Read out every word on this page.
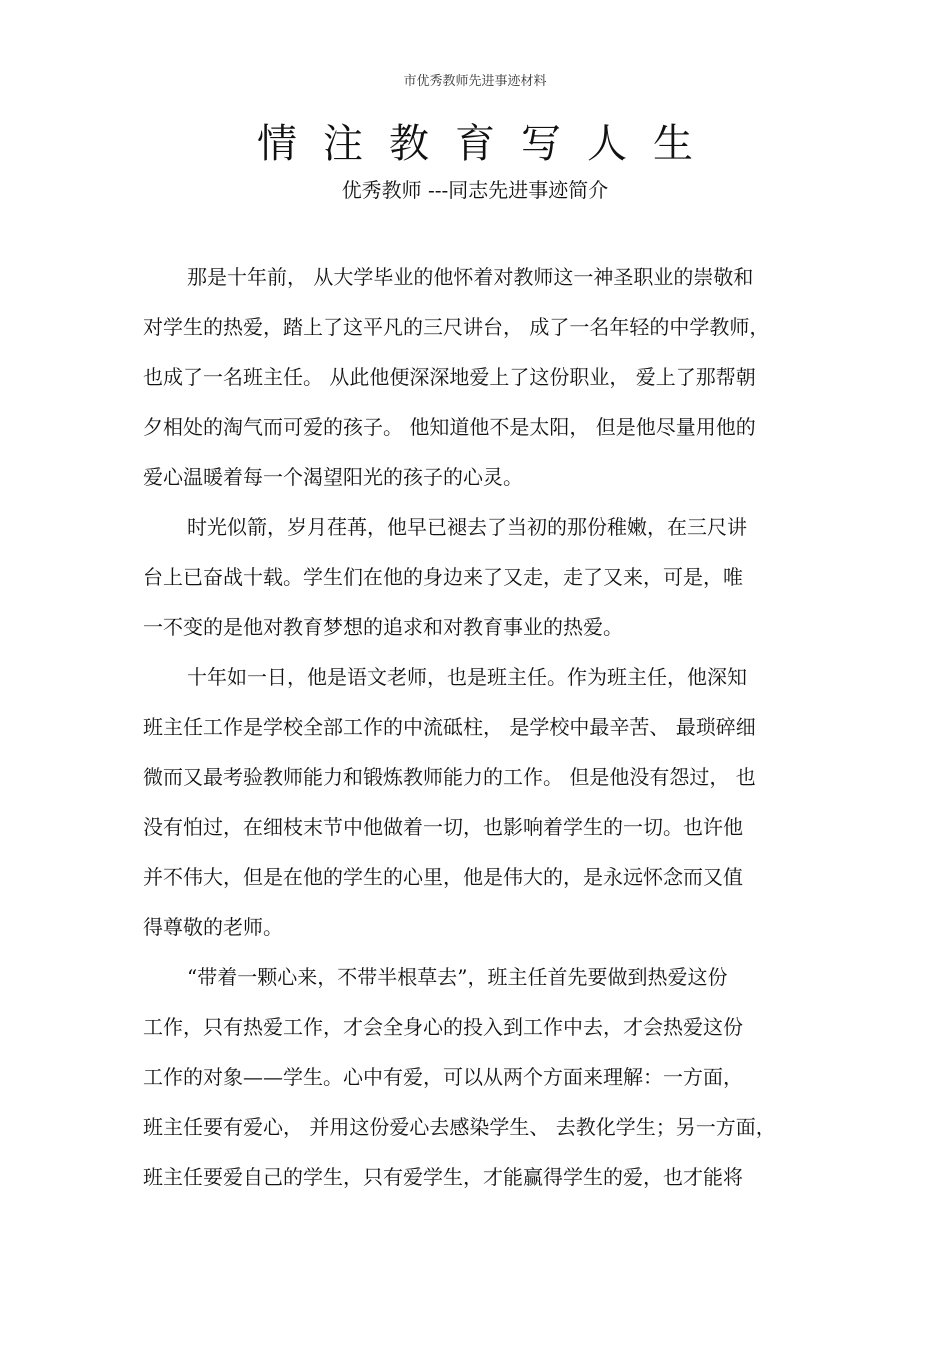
市优秀教师先进事迹材料
情注教育写人生
优秀教师 ---同志先进事迹简介
那是十年前， 从大学毕业的他怀着对教师这一神圣职业的崇敬和
对学生的热爱，踏上了这平凡的三尺讲台， 成了一名年轻的中学教师，
也成了一名班主任。 从此他便深深地爱上了这份职业， 爱上了那帮朝
夕相处的淘气而可爱的孩子。 他知道他不是太阳， 但是他尽量用他的
爱心温暖着每一个渴望阳光的孩子的心灵。
时光似箭，岁月荏苒，他早已褪去了当初的那份稚嫩，在三尺讲
台上已奋战十载。学生们在他的身边来了又走，走了又来，可是，唯
一不变的是他对教育梦想的追求和对教育事业的热爱。
十年如一日，他是语文老师，也是班主任。作为班主任，他深知
班主任工作是学校全部工作的中流砥柱， 是学校中最辛苦、 最琐碎细
微而又最考验教师能力和锻炼教师能力的工作。 但是他没有怨过， 也
没有怕过，在细枝末节中他做着一切，也影响着学生的一切。也许他
并不伟大，但是在他的学生的心里，他是伟大的，是永远怀念而又值
得尊敬的老师。
“带着一颗心来，不带半根草去”，班主任首先要做到热爱这份
工作，只有热爱工作，才会全身心的投入到工作中去，才会热爱这份
工作的对象——学生。心中有爱，可以从两个方面来理解：一方面，
班主任要有爱心， 并用这份爱心去感染学生、 去教化学生；另一方面，
班主任要爱自己的学生，只有爱学生，才能赢得学生的爱，也才能将
